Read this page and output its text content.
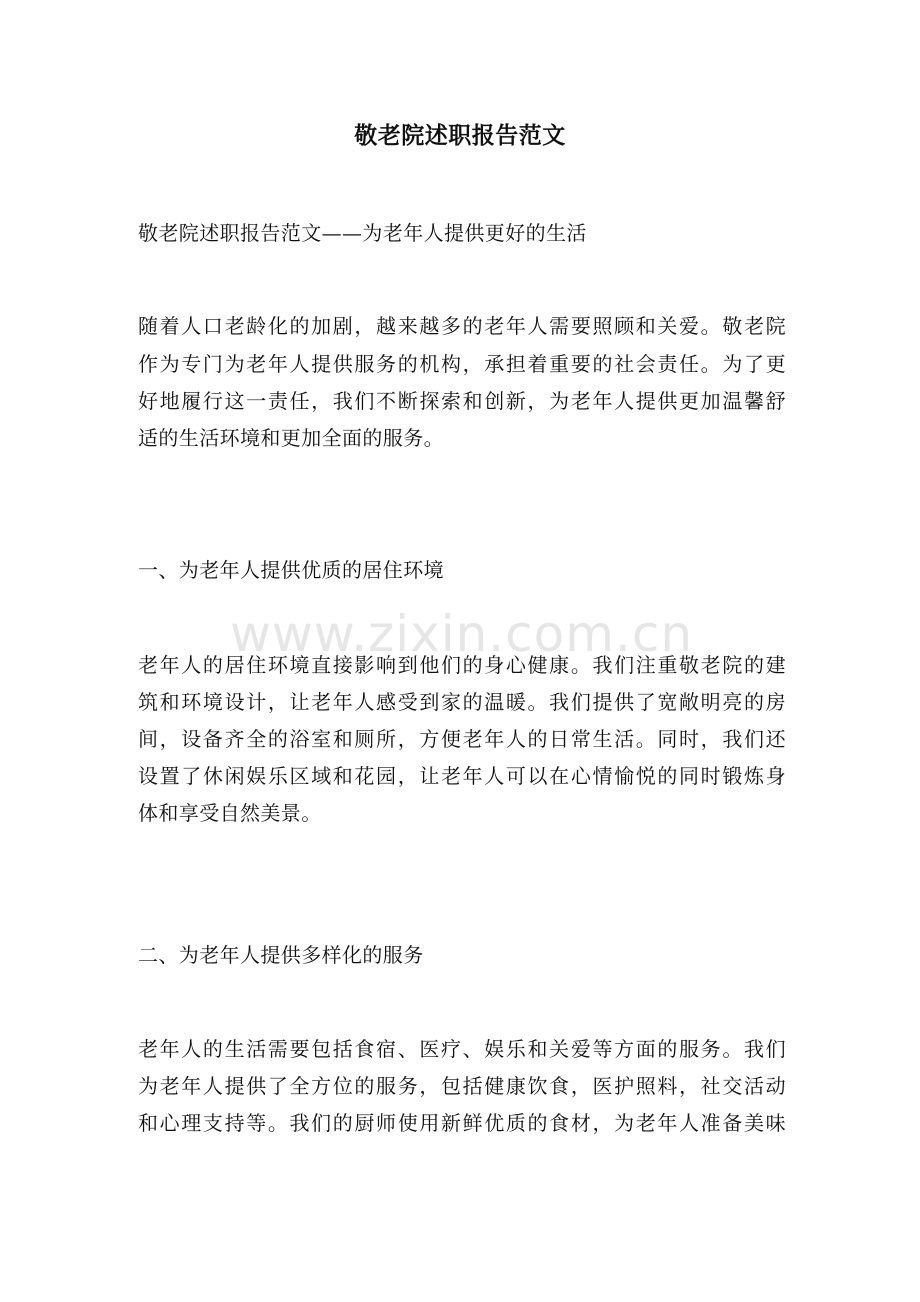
敬老院述职报告范文
敬老院述职报告范文——为老年人提供更好的生活
随着人口老龄化的加剧，越来越多的老年人需要照顾和关爱。敬老院
作为专门为老年人提供服务的机构，承担着重要的社会责任。为了更
好地履行这一责任，我们不断探索和创新，为老年人提供更加温馨舒
适的生活环境和更加全面的服务。
一、为老年人提供优质的居住环境
www.zixin.com.cn
老年人的居住环境直接影响到他们的身心健康。我们注重敬老院的建
筑和环境设计，让老年人感受到家的温暖。我们提供了宽敞明亮的房
间，设备齐全的浴室和厕所，方便老年人的日常生活。同时，我们还
设置了休闲娱乐区域和花园，让老年人可以在心情愉悦的同时锻炼身
体和享受自然美景。
二、为老年人提供多样化的服务
老年人的生活需要包括食宿、医疗、娱乐和关爱等方面的服务。我们
为老年人提供了全方位的服务，包括健康饮食，医护照料，社交活动
和心理支持等。我们的厨师使用新鲜优质的食材，为老年人准备美味
